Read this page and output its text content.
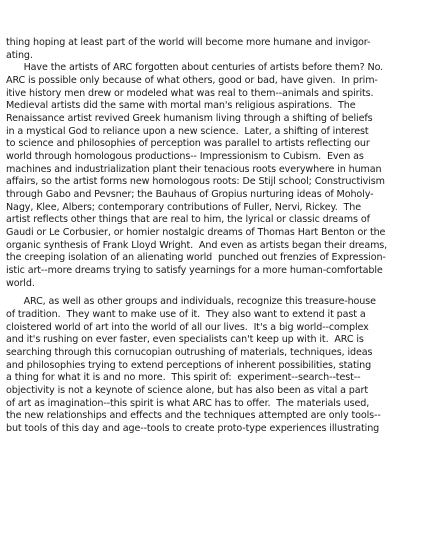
thing hoping at least part of the world will become more humane and invigor-
ating.
Have the artists of ARC forgotten about centuries of artists before them? No.
ARC is possible only because of what others, good or bad, have given.  In prim-
itive history men drew or modeled what was real to them--animals and spirits.
Medieval artists did the same with mortal man's religious aspirations.  The
Renaissance artist revived Greek humanism living through a shifting of beliefs
in a mystical God to reliance upon a new science.  Later, a shifting of interest
to science and philosophies of perception was parallel to artists reflecting our
world through homologous productions-- Impressionism to Cubism.  Even as
machines and industrialization plant their tenacious roots everywhere in human
affairs, so the artist forms new homologous roots: De Stijl school; Constructivism
through Gabo and Pevsner; the Bauhaus of Gropius nurturing ideas of Moholy-
Nagy, Klee, Albers; contemporary contributions of Fuller, Nervi, Rickey.  The
artist reflects other things that are real to him, the lyrical or classic dreams of
Gaudi or Le Corbusier, or homier nostalgic dreams of Thomas Hart Benton or the
organic synthesis of Frank Lloyd Wright.  And even as artists began their dreams,
the creeping isolation of an alienating world  punched out frenzies of Expression-
istic art--more dreams trying to satisfy yearnings for a more human-comfortable
world.
ARC, as well as other groups and individuals, recognize this treasure-house
of tradition.  They want to make use of it.  They also want to extend it past a
cloistered world of art into the world of all our lives.  It's a big world--complex
and it's rushing on ever faster, even specialists can't keep up with it.  ARC is
searching through this cornucopian outrushing of materials, techniques, ideas
and philosophies trying to extend perceptions of inherent possibilities, stating
a thing for what it is and no more.  This spirit of:  experiment--search--test--
objectivity is not a keynote of science alone, but has also been as vital a part
of art as imagination--this spirit is what ARC has to offer.  The materials used,
the new relationships and effects and the techniques attempted are only tools--
but tools of this day and age--tools to create proto-type experiences illustrating
